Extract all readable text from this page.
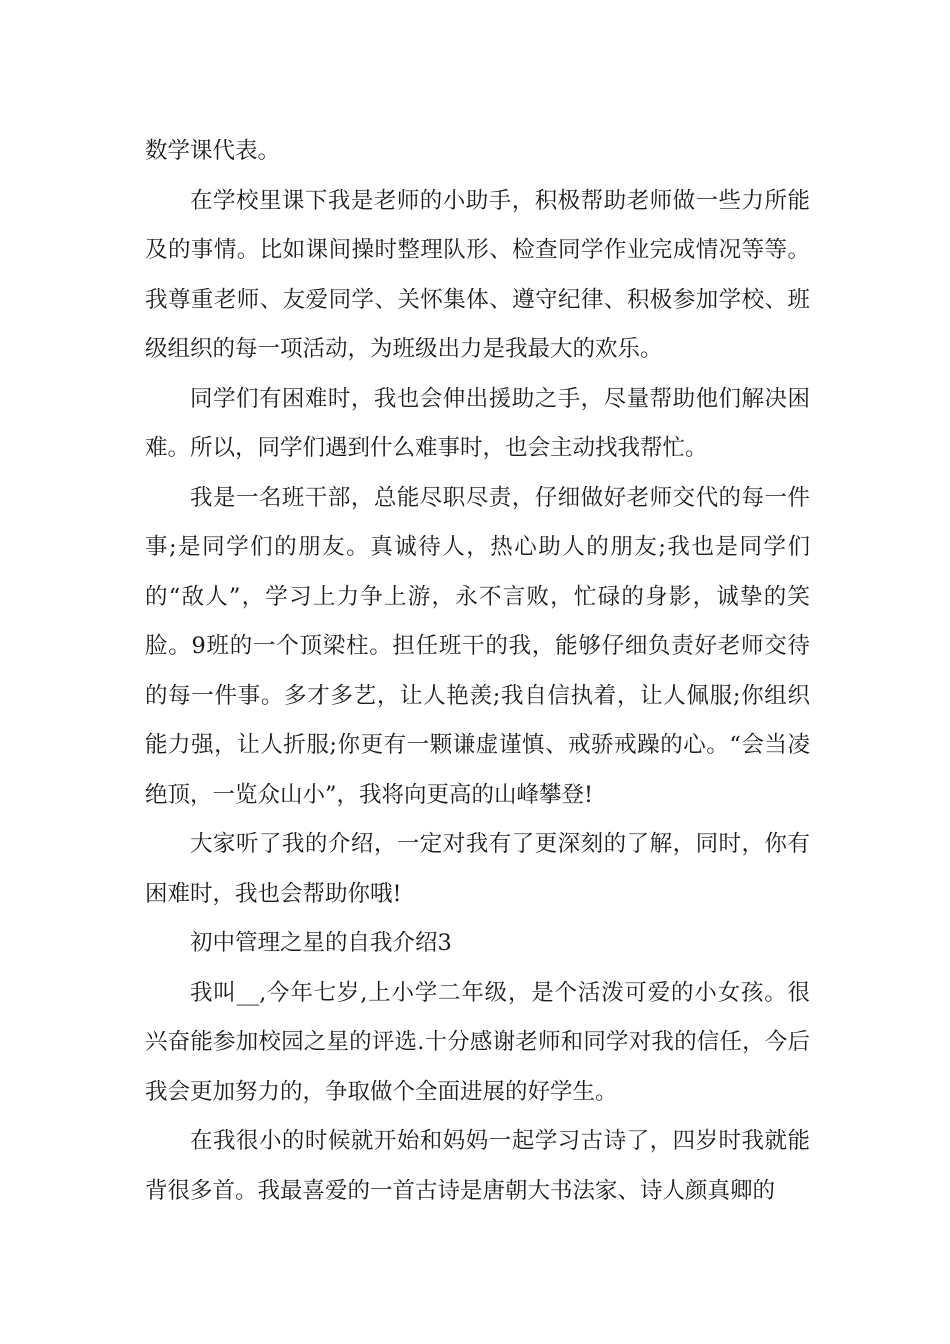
数学课代表。

在学校里课下我是老师的小助手，积极帮助老师做一些力所能及的事情。比如课间操时整理队形、检查同学作业完成情况等等。我尊重老师、友爱同学、关怀集体、遵守纪律、积极参加学校、班级组织的每一项活动，为班级出力是我最大的欢乐。

同学们有困难时，我也会伸出援助之手，尽量帮助他们解决困难。所以，同学们遇到什么难事时，也会主动找我帮忙。

我是一名班干部，总能尽职尽责，仔细做好老师交代的每一件事;是同学们的朋友。真诚待人，热心助人的朋友;我也是同学们的“敌人”，学习上力争上游，永不言败，忙碌的身影，诚挚的笑脸。9班的一个顶梁柱。担任班干的我，能够仔细负责好老师交待的每一件事。多才多艺，让人艳羡;我自信执着，让人佩服;你组织能力强，让人折服;你更有一颗谦虚谨慎、戒骄戒躁的心。“会当凌绝顶，一览众山小”，我将向更高的山峰攀登!

大家听了我的介绍，一定对我有了更深刻的了解，同时，你有困难时，我也会帮助你哦!

初中管理之星的自我介绍3

我叫__,今年七岁,上小学二年级，是个活泼可爱的小女孩。很兴奋能参加校园之星的评选.十分感谢老师和同学对我的信任，今后我会更加努力的，争取做个全面进展的好学生。

在我很小的时候就开始和妈妈一起学习古诗了，四岁时我就能背很多首。我最喜爱的一首古诗是唐朝大书法家、诗人颜真卿的
